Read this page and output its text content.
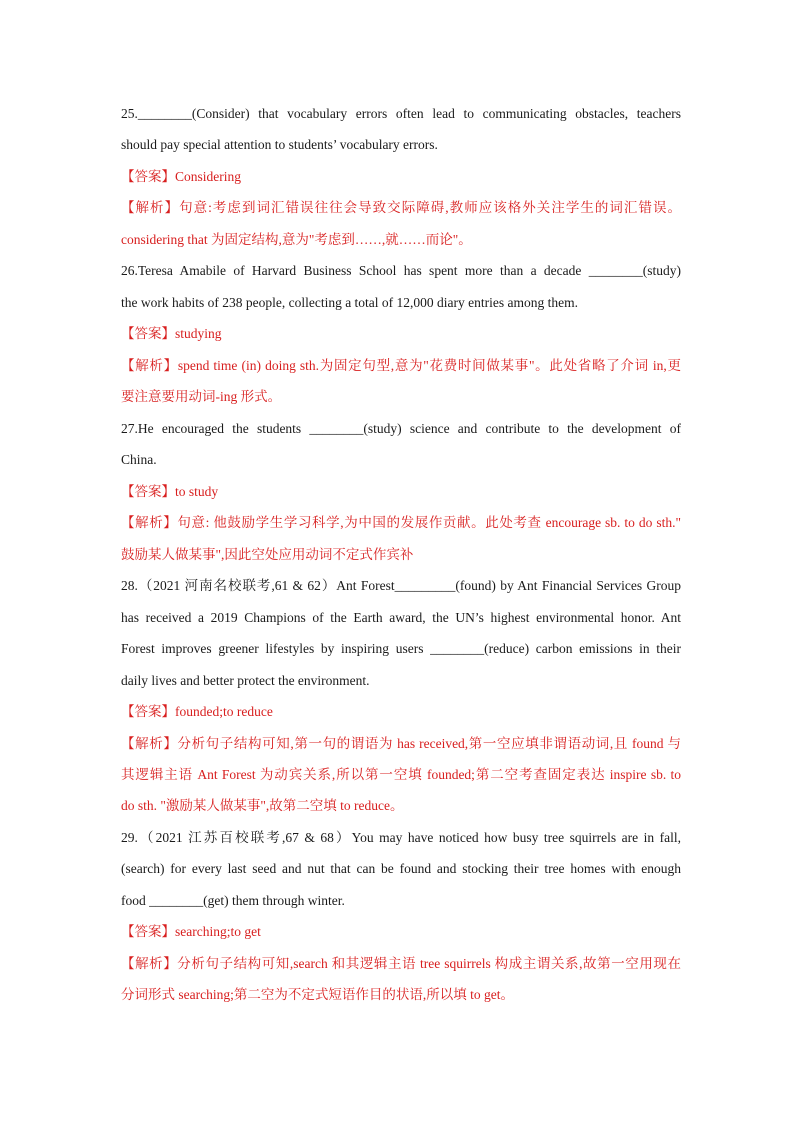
25.________(Consider) that vocabulary errors often lead to communicating obstacles, teachers
should pay special attention to students’ vocabulary errors.
【答案】Considering
【解析】句意:考虑到词汇错误往往会导致交际障碍,教师应该格外关注学生的词汇错误。
considering that 为固定结构,意为"考虑到……,就……而论"。
26.Teresa Amabile of Harvard Business School has spent more than a decade ________(study)
the work habits of 238 people, collecting a total of 12,000 diary entries among them.
【答案】studying
【解析】spend time (in) doing sth.为固定句型,意为"花费时间做某事"。此处省略了介词 in,更
要注意要用动词-ing 形式。
27.He encouraged the students ________(study) science and contribute to the development of
China.
【答案】to study
【解析】句意: 他鼓励学生学习科学,为中国的发展作贡献。此处考查 encourage sb. to do sth."
鼓励某人做某事",因此空处应用动词不定式作宾补
28.（2021 河南名校联考,61 & 62）Ant Forest_________(found) by Ant Financial Services Group
has received a 2019 Champions of the Earth award, the UN’s highest environmental honor. Ant
Forest improves greener lifestyles by inspiring users ________(reduce) carbon emissions in their
daily lives and better protect the environment.
【答案】founded;to reduce
【解析】分析句子结构可知,第一句的谓语为 has received,第一空应填非谓语动词,且 found 与
其逻辑主语 Ant Forest 为动宾关系,所以第一空填 founded;第二空考查固定表达 inspire sb. to
do sth. "激励某人做某事",故第二空填 to reduce。
29.（2021 江苏百校联考,67 & 68）You may have noticed how busy tree squirrels are in fall,
(search) for every last seed and nut that can be found and stocking their tree homes with enough
food ________(get) them through winter.
【答案】searching;to get
【解析】分析句子结构可知,search 和其逻辑主语 tree squirrels 构成主谓关系,故第一空用现在
分词形式 searching;第二空为不定式短语作目的状语,所以填 to get。
